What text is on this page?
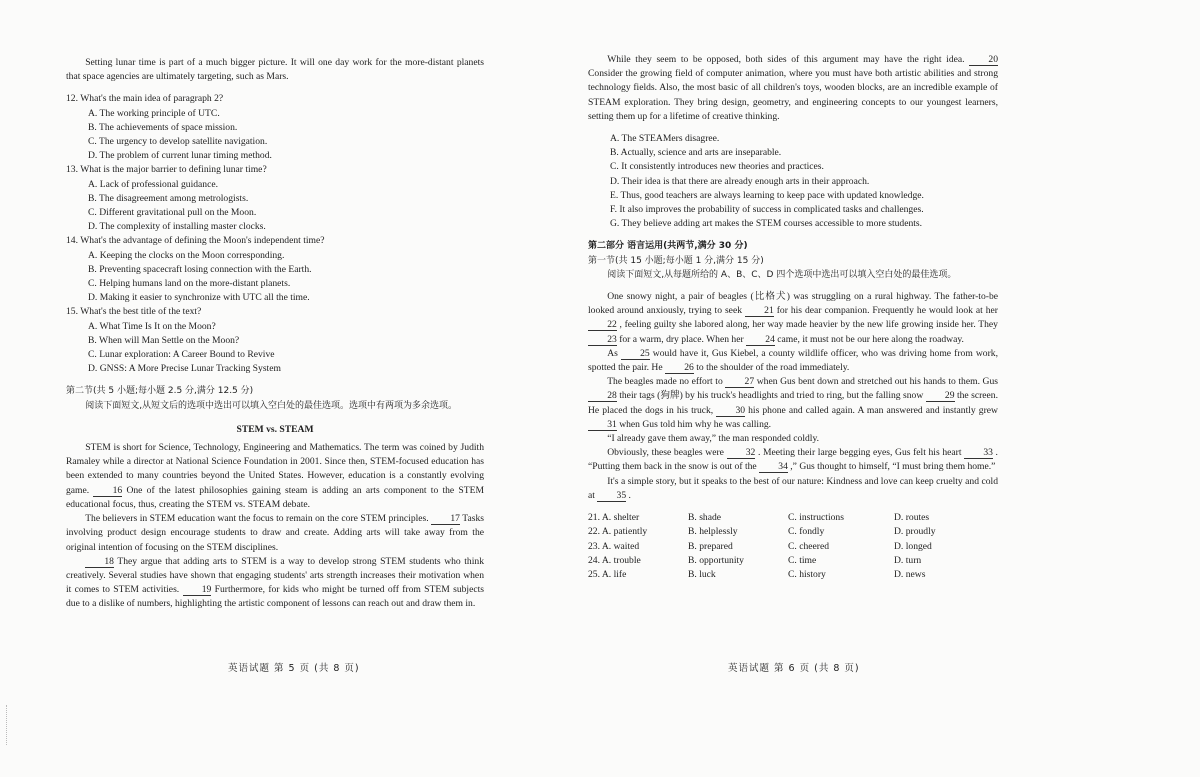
Setting lunar time is part of a much bigger picture. It will one day work for the more-distant planets that space agencies are ultimately targeting, such as Mars.

12. What's the main idea of paragraph 2?

A. The working principle of UTC.

B. The achievements of space mission.

C. The urgency to develop satellite navigation.

D. The problem of current lunar timing method.

13. What is the major barrier to defining lunar time?

A. Lack of professional guidance.

B. The disagreement among metrologists.

C. Different gravitational pull on the Moon.

D. The complexity of installing master clocks.

14. What's the advantage of defining the Moon's independent time?

A. Keeping the clocks on the Moon corresponding.

B. Preventing spacecraft losing connection with the Earth.

C. Helping humans land on the more-distant planets.

D. Making it easier to synchronize with UTC all the time.

15. What's the best title of the text?

A. What Time Is It on the Moon?

B. When will Man Settle on the Moon?

C. Lunar exploration: A Career Bound to Revive

D. GNSS: A More Precise Lunar Tracking System

第二节(共 5 小题;每小题 2.5 分,满分 12.5 分)

阅读下面短文,从短文后的选项中选出可以填入空白处的最佳选项。选项中有两项为多余选项。

STEM vs. STEAM

STEM is short for Science, Technology, Engineering and Mathematics. The term was coined by Judith Ramaley while a director at National Science Foundation in 2001. Since then, STEM-focused education has been extended to many countries beyond the United States. However, education is a constantly evolving game. 16 One of the latest philosophies gaining steam is adding an arts component to the STEM educational focus, thus, creating the STEM vs. STEAM debate.

The believers in STEM education want the focus to remain on the core STEM principles. 17 Tasks involving product design encourage students to draw and create. Adding arts will take away from the original intention of focusing on the STEM disciplines.

18 They argue that adding arts to STEM is a way to develop strong STEM students who think creatively. Several studies have shown that engaging students' arts strength increases their motivation when it comes to STEM activities. 19 Furthermore, for kids who might be turned off from STEM subjects due to a dislike of numbers, highlighting the artistic component of lessons can reach out and draw them in.

英语试题 第 5 页 (共 8 页)

While they seem to be opposed, both sides of this argument may have the right idea. 20 Consider the growing field of computer animation, where you must have both artistic abilities and strong technology fields. Also, the most basic of all children's toys, wooden blocks, are an incredible example of STEAM exploration. They bring design, geometry, and engineering concepts to our youngest learners, setting them up for a lifetime of creative thinking.

A. The STEAMers disagree.

B. Actually, science and arts are inseparable.

C. It consistently introduces new theories and practices.

D. Their idea is that there are already enough arts in their approach.

E. Thus, good teachers are always learning to keep pace with updated knowledge.

F. It also improves the probability of success in complicated tasks and challenges.

G. They believe adding art makes the STEM courses accessible to more students.

第二部分 语言运用(共两节,满分 30 分)

第一节(共 15 小题;每小题 1 分,满分 15 分)

阅读下面短文,从每题所给的 A、B、C、D 四个选项中选出可以填入空白处的最佳选项。

One snowy night, a pair of beagles (比格犬) was struggling on a rural highway. The father-to-be looked around anxiously, trying to seek 21 for his dear companion. Frequently he would look at her 22 , feeling guilty she labored along, her way made heavier by the new life growing inside her. They 23 for a warm, dry place. When her 24 came, it must not be our here along the roadway.

As 25 would have it, Gus Kiebel, a county wildlife officer, who was driving home from work, spotted the pair. He 26 to the shoulder of the road immediately.

The beagles made no effort to 27 when Gus bent down and stretched out his hands to them. Gus 28 their tags (狗牌) by his truck's headlights and tried to ring, but the falling snow 29 the screen. He placed the dogs in his truck, 30 his phone and called again. A man answered and instantly grew 31 when Gus told him why he was calling.

“I already gave them away,” the man responded coldly.

Obviously, these beagles were 32 . Meeting their large begging eyes, Gus felt his heart 33 . “Putting them back in the snow is out of the 34 ,” Gus thought to himself, “I must bring them home.”

It's a simple story, but it speaks to the best of our nature: Kindness and love can keep cruelty and cold at 35 .

21. A. shelter	B. shade	C. instructions	D. routes
22. A. patiently	B. helplessly	C. fondly	D. proudly
23. A. waited	B. prepared	C. cheered	D. longed
24. A. trouble	B. opportunity	C. time	D. turn
25. A. life	B. luck	C. history	D. news
英语试题 第 6 页 (共 8 页)
